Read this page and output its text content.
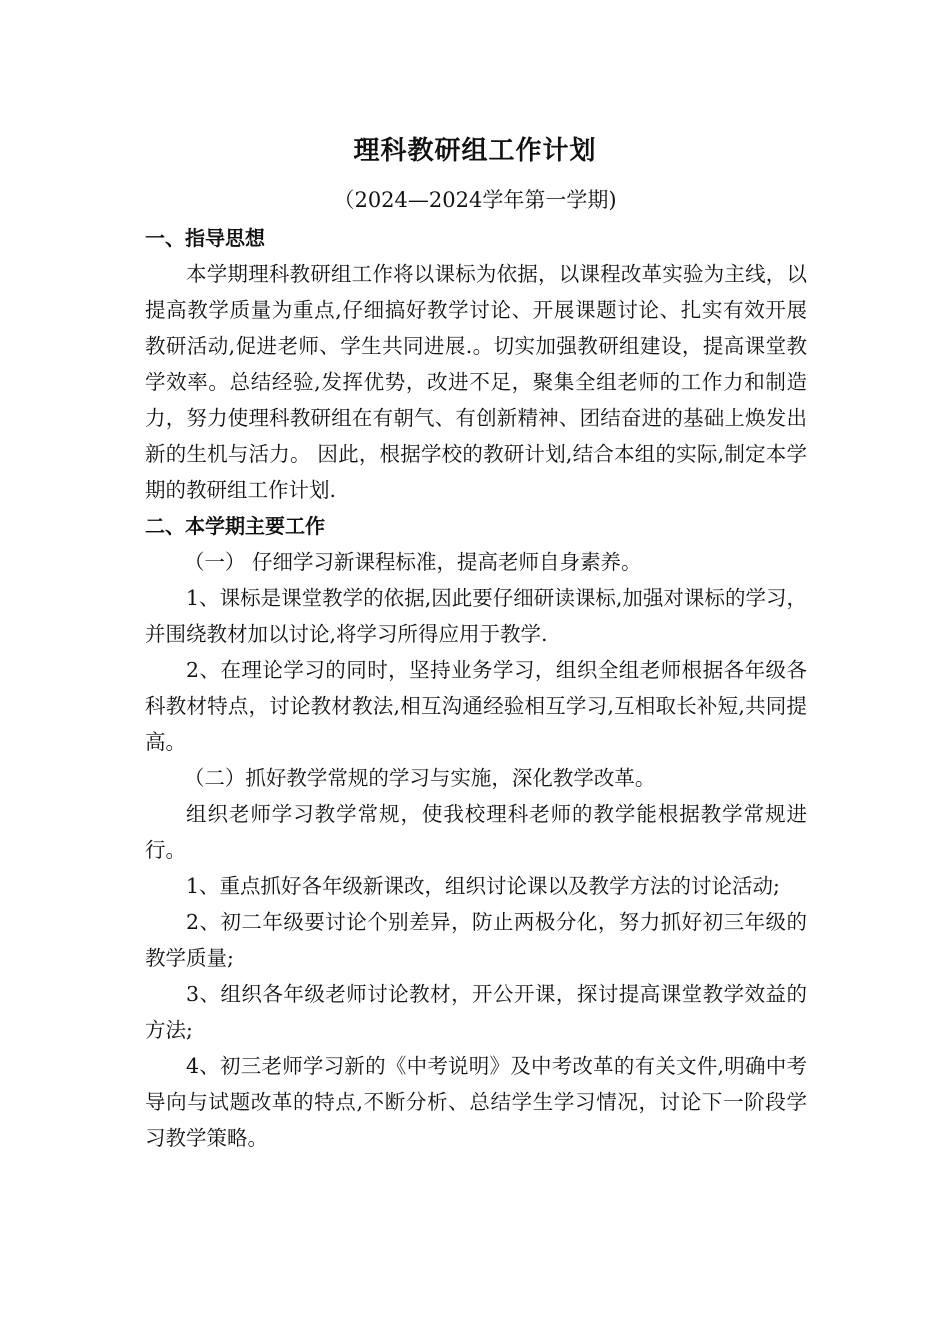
理科教研组工作计划
（2024—2024学年第一学期)

一、指导思想

本学期理科教研组工作将以课标为依据，以课程改革实验为主线，以提高教学质量为重点,仔细搞好教学讨论、开展课题讨论、扎实有效开展教研活动,促进老师、学生共同进展.。切实加强教研组建设，提高课堂教学效率。总结经验,发挥优势，改进不足，聚集全组老师的工作力和制造力，努力使理科教研组在有朝气、有创新精神、团结奋进的基础上焕发出新的生机与活力。 因此，根据学校的教研计划,结合本组的实际,制定本学期的教研组工作计划.

二、本学期主要工作

（一） 仔细学习新课程标准，提高老师自身素养。

1、课标是课堂教学的依据,因此要仔细研读课标,加强对课标的学习，并围绕教材加以讨论,将学习所得应用于教学.

2、在理论学习的同时，坚持业务学习，组织全组老师根据各年级各科教材特点，讨论教材教法,相互沟通经验相互学习,互相取长补短,共同提高。

（二）抓好教学常规的学习与实施，深化教学改革。

组织老师学习教学常规，使我校理科老师的教学能根据教学常规进行。

1、重点抓好各年级新课改，组织讨论课以及教学方法的讨论活动;

2、初二年级要讨论个别差异，防止两极分化，努力抓好初三年级的教学质量;

3、组织各年级老师讨论教材，开公开课，探讨提高课堂教学效益的方法;

4、初三老师学习新的《中考说明》及中考改革的有关文件,明确中考导向与试题改革的特点,不断分析、总结学生学习情况，讨论下一阶段学习教学策略。
